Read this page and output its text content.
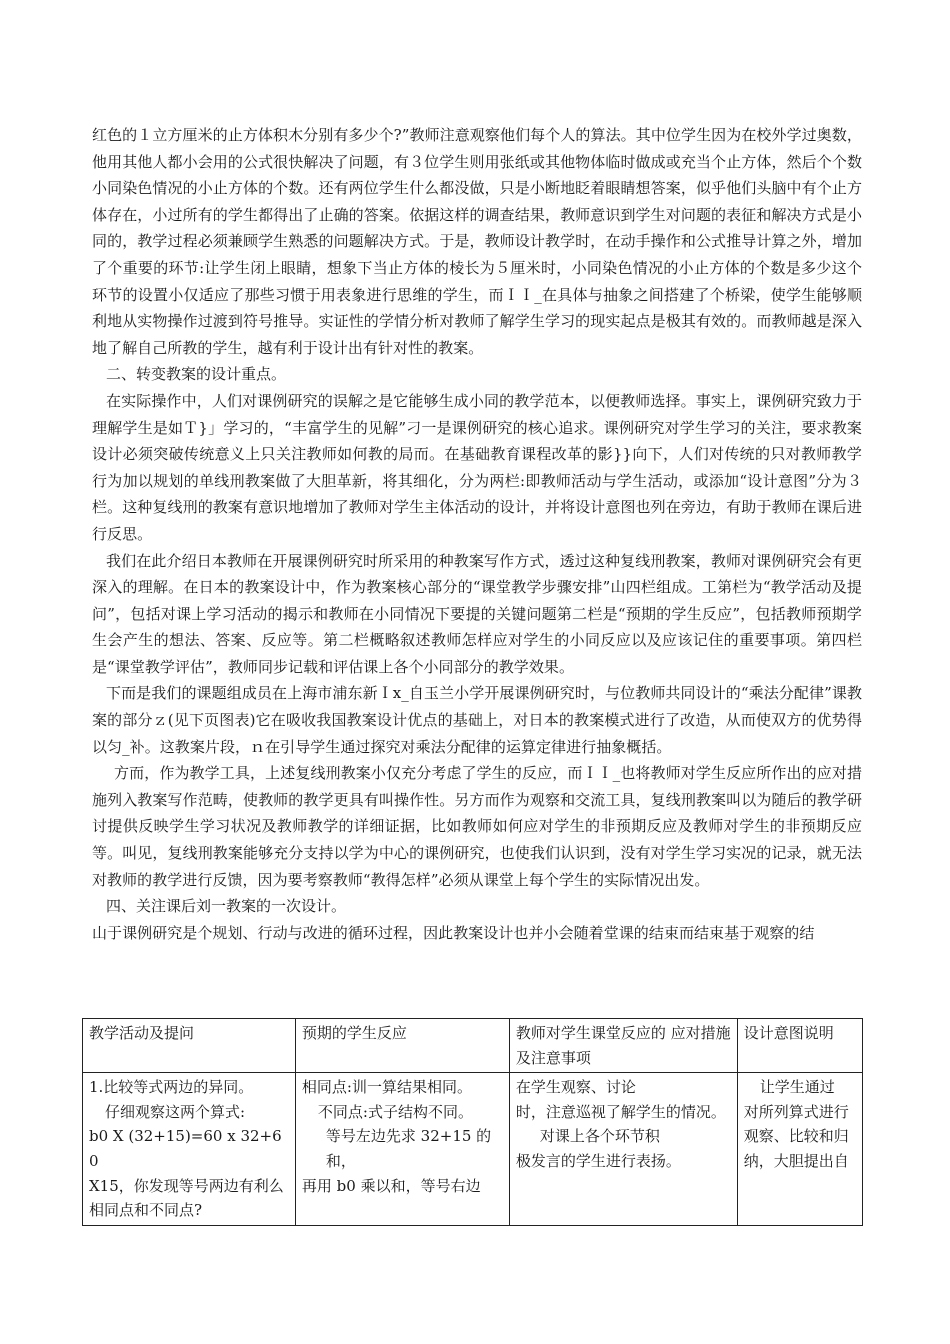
红色的１立方厘米的止方体积木分别有多少个?”教师注意观察他们每个人的算法。其中位学生因为在校外学过奥数，他用其他人都小会用的公式很快解决了问题，有３位学生则用张纸或其他物体临时做成或充当个止方体，然后个个数小同染色情况的小止方体的个数。还有两位学生什么都没做，只是小断地眨着眼睛想答案，似乎他们头脑中有个止方体存在，小过所有的学生都得出了止确的答案。依据这样的调查结果，教师意识到学生对问题的表征和解决方式是小同的，教学过程必须兼顾学生熟悉的问题解决方式。于是，教师设计教学时，在动手操作和公式推导计算之外，增加了个重要的环节:让学生闭上眼睛，想象下当止方体的棱长为５厘米时，小同染色情况的小止方体的个数是多少这个环节的设置小仅适应了那些习惯于用表象进行思维的学生，而ＩＩ_在具体与抽象之间搭建了个桥梁，使学生能够顺利地从实物操作过渡到符号推导。实证性的学情分析对教师了解学生学习的现实起点是极其有效的。而教师越是深入地了解自己所教的学生，越有利于设计出有针对性的教案。

二、转变教案的设计重点。

在实际操作中，人们对课例研究的误解之是它能够生成小同的教学范本，以便教师选择。事实上，课例研究致力于理解学生是如Ｔ}」学习的，“丰富学生的见解”刁一是课例研究的核心追求。课例研究对学生学习的关注，要求教案设计必须突破传统意义上只关注教师如何教的局而。在基础教育课程改革的影}}向下，人们对传统的只对教师教学行为加以规划的单线刑教案做了大胆革新，将其细化，分为两栏:即教师活动与学生活动，或添加“设计意图”分为３栏。这种复线刑的教案有意识地增加了教师对学生主体活动的设计，并将设计意图也列在旁边，有助于教师在课后进行反思。

我们在此介绍日本教师在开展课例研究时所采用的种教案写作方式，透过这种复线刑教案，教师对课例研究会有更深入的理解。在日本的教案设计中，作为教案核心部分的“课堂教学步骤安排”山四栏组成。工第栏为“教学活动及提问”，包括对课上学习活动的揭示和教师在小同情况下要提的关键问题第二栏是“预期的学生反应”，包括教师预期学生会产生的想法、答案、反应等。第二栏概略叙述教师怎样应对学生的小同反应以及应该记住的重要事项。第四栏是“课堂教学评估”，教师同步记载和评估课上各个小同部分的教学效果。

下而是我们的课题组成员在上海市浦东新Ｉx_自玉兰小学开展课例研究时，与位教师共同设计的“乘法分配律”课教案的部分ｚ(见下页图表)它在吸收我国教案设计优点的基础上，对日本的教案模式进行了改造，从而使双方的优势得以匀_补。这教案片段，ｎ在引导学生通过探究对乘法分配律的运算定律进行抽象概括。

方而，作为教学工具，上述复线刑教案小仅充分考虑了学生的反应，而ＩＩ_也将教师对学生反应所作出的应对措施列入教案写作范畴，使教师的教学更具有叫操作性。另方而作为观察和交流工具，复线刑教案叫以为随后的教学研讨提供反映学生学习状况及教师教学的详细证据，比如教师如何应对学生的非预期反应及教师对学生的非预期反应等。叫见，复线刑教案能够充分支持以学为中心的课例研究，也使我们认识到，没有对学生学习实况的记录，就无法对教师的教学进行反馈，因为要考察教师“教得怎样”必须从课堂上每个学生的实际情况出发。

四、关注课后刘一教案的一次设计。

山于课例研究是个规划、行动与改进的循环过程，因此教案设计也并小会随着堂课的结束而结束基于观察的结

教学活动及提问	预期的学生反应	教师对学生课堂反应的 应对措施及注意事项	设计意图说明

1.比较等式两边的异同。
仔细观察这两个算式:
b0 X (32+15)=60 x 32+60
X15，你发现等号两边有利么相同点和不同点?	相同点:训一算结果相同。
不同点:式子结构不同。
等号左边先求 32+15 的和，
再用 b0 乘以和，等号右边	在学生观察、讨论
时，注意巡视了解学生的情况。
对课上各个环节积
极发言的学生进行表扬。	让学生通过
对所列算式进行
观察、比较和归纳，大胆提出自
